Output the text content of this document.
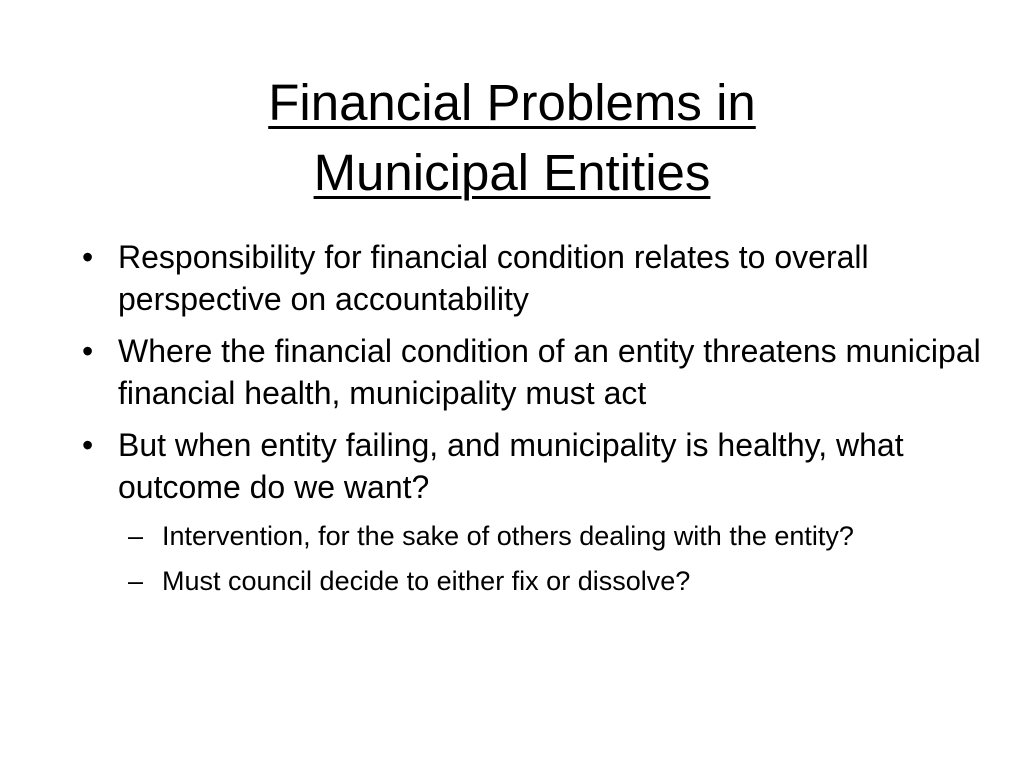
Financial Problems in
Municipal Entities
• Responsibility for financial condition relates to overall perspective on accountability
• Where the financial condition of an entity threatens municipal financial health, municipality must act
• But when entity failing, and municipality is healthy, what outcome do we want?
– Intervention, for the sake of others dealing with the entity?
– Must council decide to either fix or dissolve?
